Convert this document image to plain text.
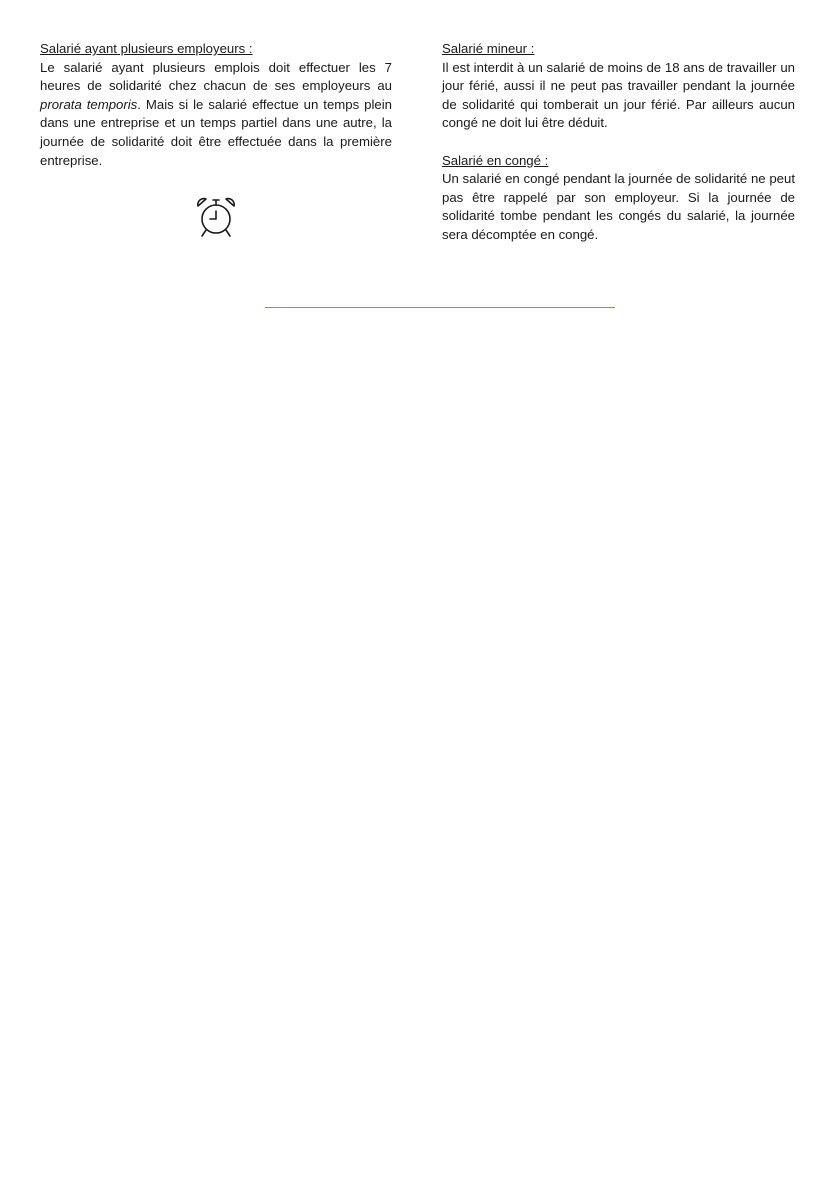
Salarié ayant plusieurs employeurs :

Le salarié ayant plusieurs emplois doit effectuer les 7 heures de solidarité chez chacun de ses employeurs au prorata temporis. Mais si le salarié effectue un temps plein dans une entreprise et un temps partiel dans une autre, la journée de solidarité doit être effectuée dans la première entreprise.

Salarié mineur :

Il est interdit à un salarié de moins de 18 ans de travailler un jour férié, aussi il ne peut pas travailler pendant la journée de solidarité qui tomberait un jour férié. Par ailleurs aucun congé ne doit lui être déduit.

Salarié en congé :

Un salarié en congé pendant la journée de solidarité ne peut pas être rappelé par son employeur. Si la journée de solidarité tombe pendant les congés du salarié, la journée sera décomptée en congé.
